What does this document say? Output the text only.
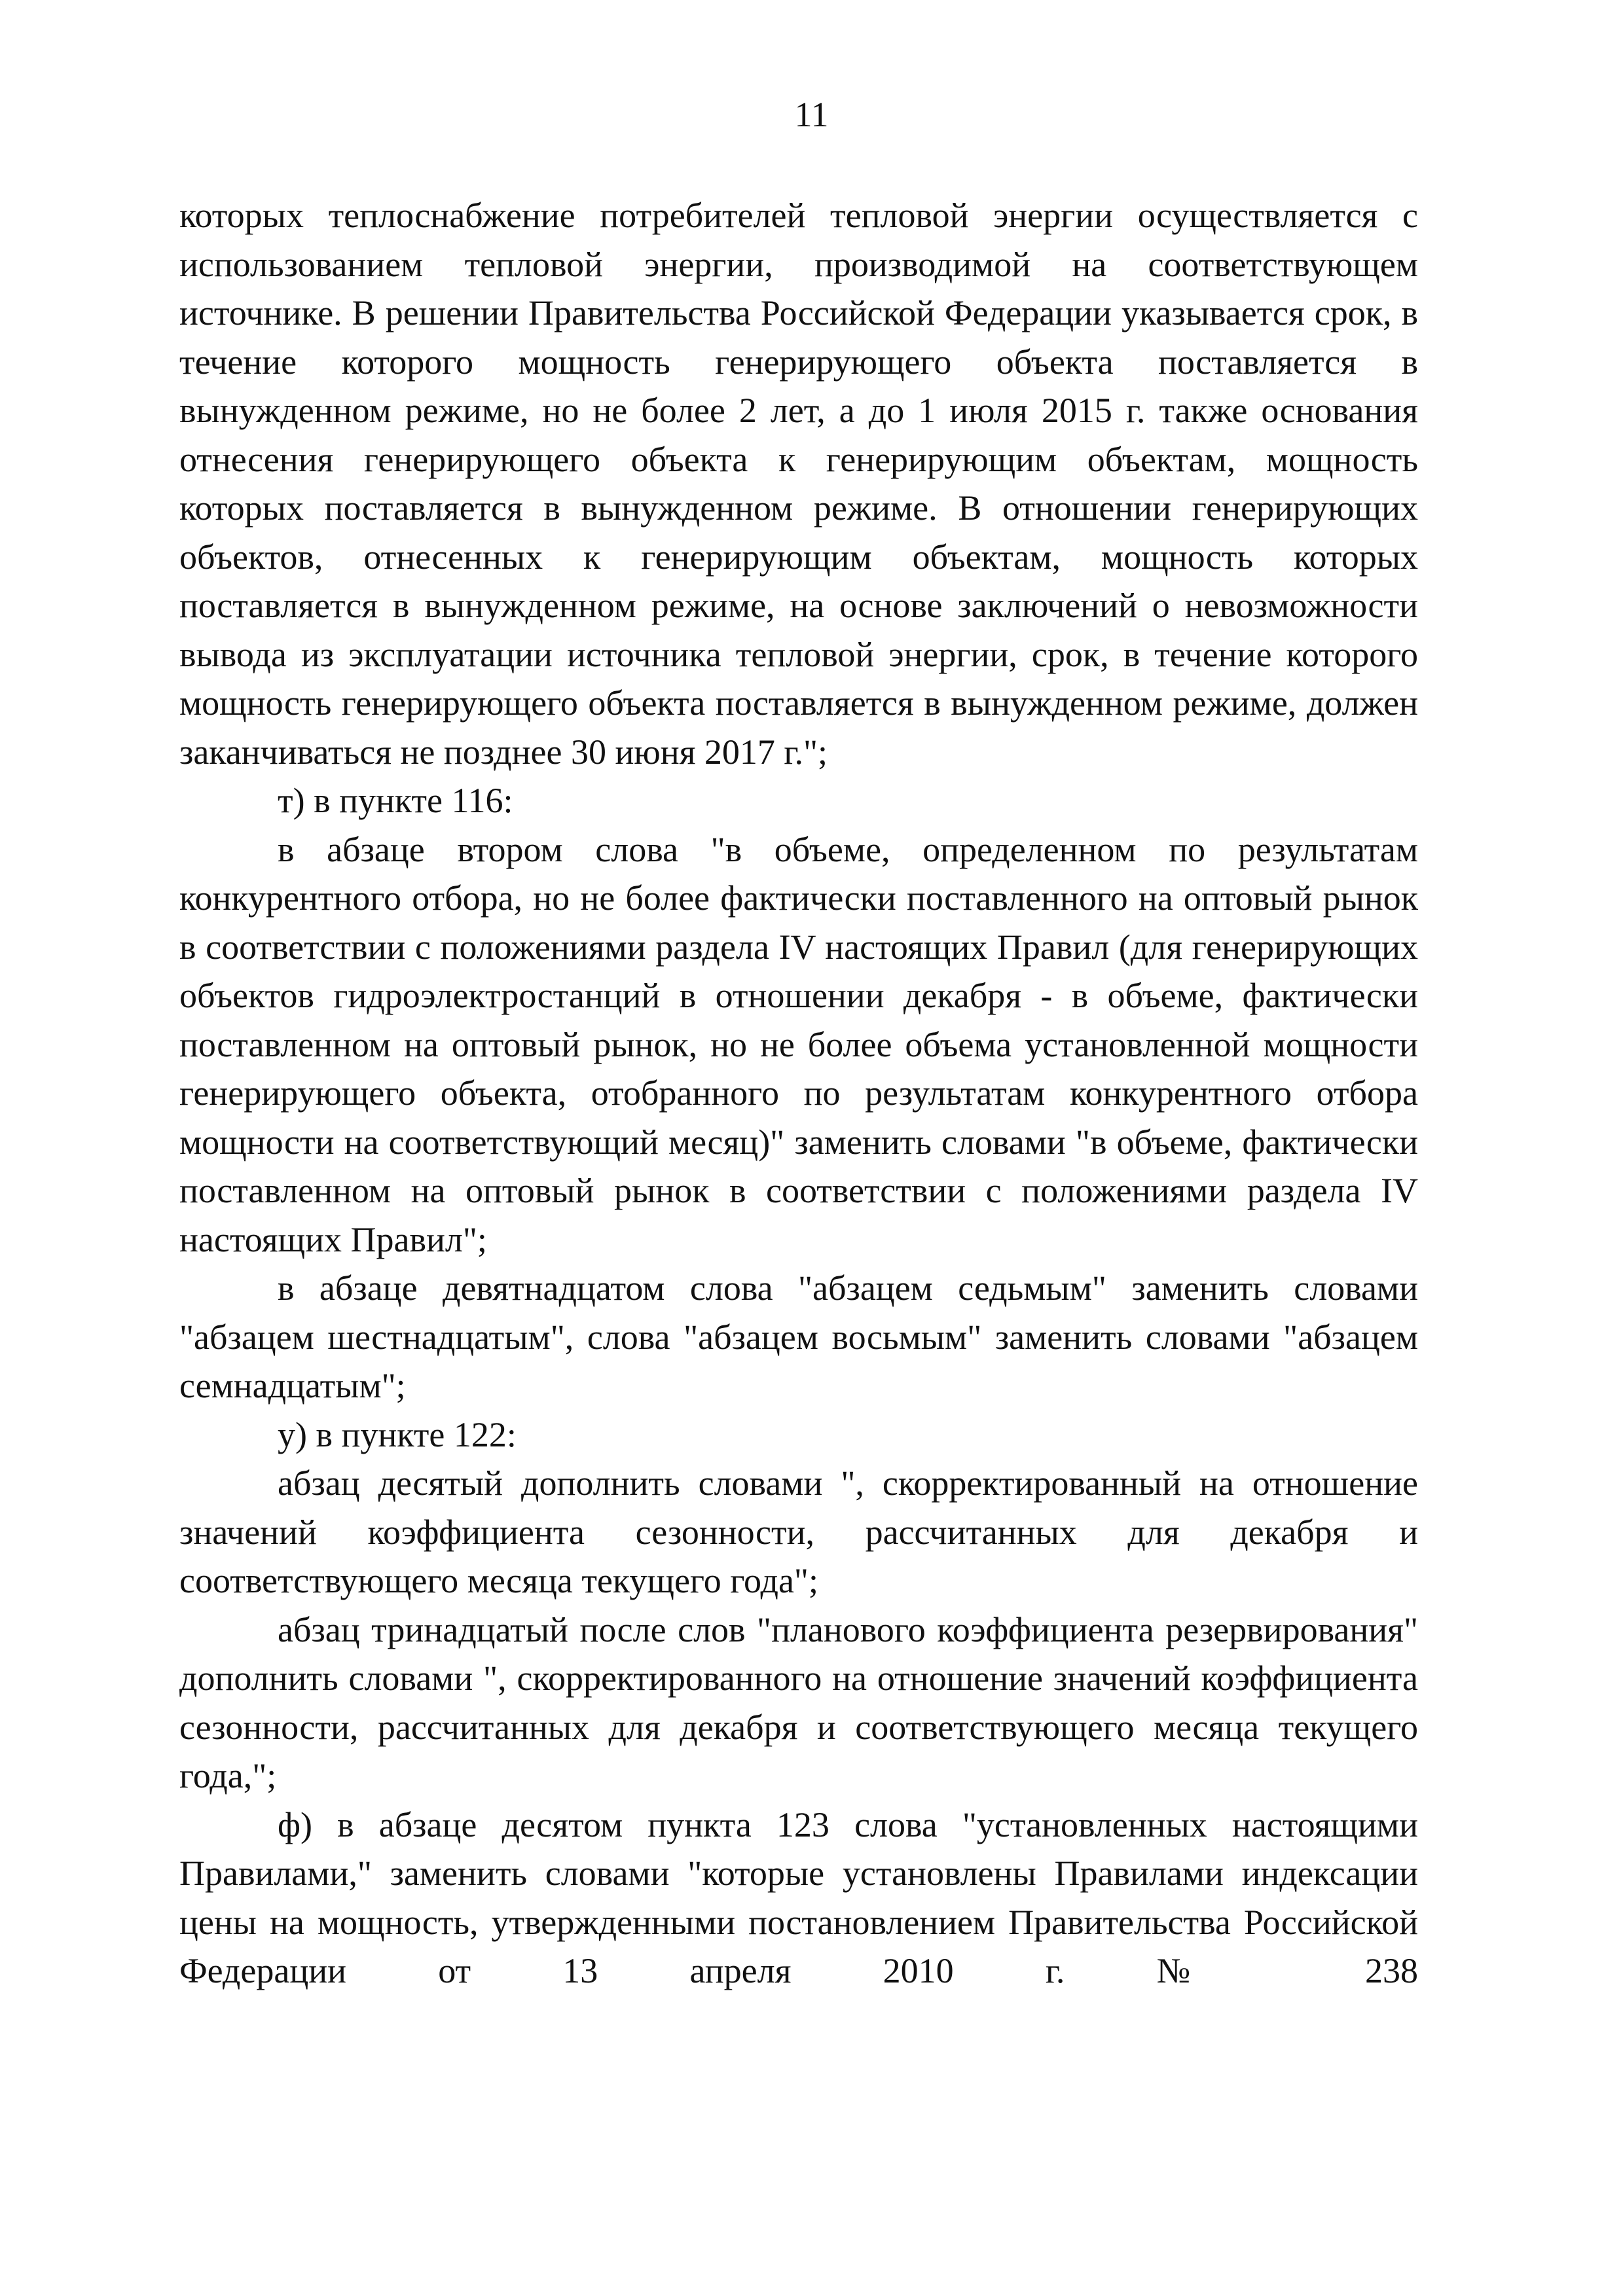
11

которых теплоснабжение потребителей тепловой энергии осуществляется с использованием тепловой энергии, производимой на соответствующем источнике. В решении Правительства Российской Федерации указывается срок, в течение которого мощность генерирующего объекта поставляется в вынужденном режиме, но не более 2 лет, а до 1 июля 2015 г. также основания отнесения генерирующего объекта к генерирующим объектам, мощность которых поставляется в вынужденном режиме. В отношении генерирующих объектов, отнесенных к генерирующим объектам, мощность которых поставляется в вынужденном режиме, на основе заключений о невозможности вывода из эксплуатации источника тепловой энергии, срок, в течение которого мощность генерирующего объекта поставляется в вынужденном режиме, должен заканчиваться не позднее 30 июня 2017 г.";

т) в пункте 116:

в абзаце втором слова "в объеме, определенном по результатам конкурентного отбора, но не более фактически поставленного на оптовый рынок в соответствии с положениями раздела IV настоящих Правил (для генерирующих объектов гидроэлектростанций в отношении декабря - в объеме, фактически поставленном на оптовый рынок, но не более объема установленной мощности генерирующего объекта, отобранного по результатам конкурентного отбора мощности на соответствующий месяц)" заменить словами "в объеме, фактически поставленном на оптовый рынок в соответствии с положениями раздела IV настоящих Правил";

в абзаце девятнадцатом слова "абзацем седьмым" заменить словами "абзацем шестнадцатым", слова "абзацем восьмым" заменить словами "абзацем семнадцатым";

у) в пункте 122:

абзац десятый дополнить словами ", скорректированный на отношение значений коэффициента сезонности, рассчитанных для декабря и соответствующего месяца текущего года";

абзац тринадцатый после слов "планового коэффициента резервирования" дополнить словами ", скорректированного на отношение значений коэффициента сезонности, рассчитанных для декабря и соответствующего месяца текущего года,";

ф) в абзаце десятом пункта 123 слова "установленных настоящими Правилами," заменить словами "которые установлены Правилами индексации цены на мощность, утвержденными постановлением Правительства Российской Федерации от 13 апреля 2010 г. № 238
